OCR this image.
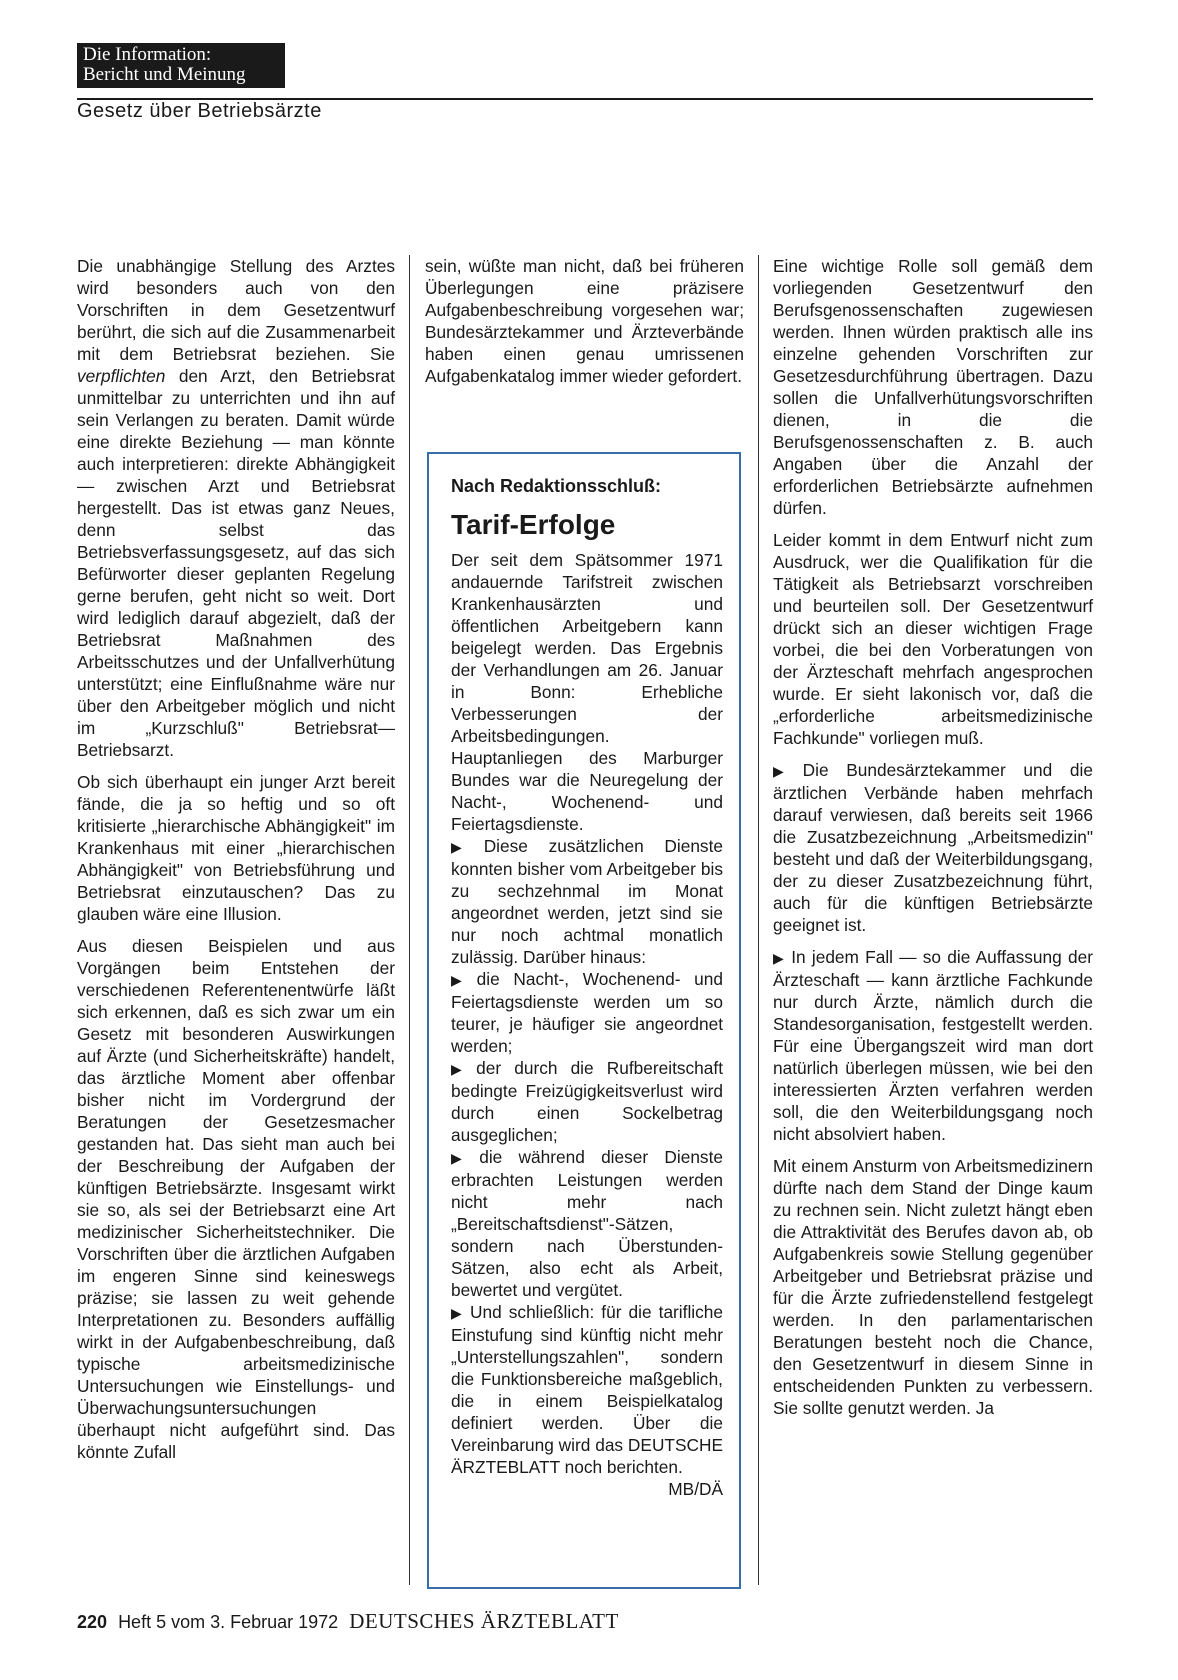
Die Information:
Bericht und Meinung
Gesetz über Betriebsärzte

Die unabhängige Stellung des Arztes wird besonders auch von den Vorschriften in dem Gesetzentwurf berührt, die sich auf die Zusammenarbeit mit dem Betriebsrat beziehen. Sie verpflichten den Arzt, den Betriebsrat unmittelbar zu unterrichten und ihn auf sein Verlangen zu beraten. Damit würde eine direkte Beziehung — man könnte auch interpretieren: direkte Abhängigkeit — zwischen Arzt und Betriebsrat hergestellt. Das ist etwas ganz Neues, denn selbst das Betriebsverfassungsgesetz, auf das sich Befürworter dieser geplanten Regelung gerne berufen, geht nicht so weit. Dort wird lediglich darauf abgezielt, daß der Betriebsrat Maßnahmen des Arbeitsschutzes und der Unfallverhütung unterstützt; eine Einflußnahme wäre nur über den Arbeitgeber möglich und nicht im „Kurzschluß" Betriebsrat—Betriebsarzt.

Ob sich überhaupt ein junger Arzt bereit fände, die ja so heftig und so oft kritisierte „hierarchische Abhängigkeit" im Krankenhaus mit einer „hierarchischen Abhängigkeit" von Betriebsführung und Betriebsrat einzutauschen? Das zu glauben wäre eine Illusion.

Aus diesen Beispielen und aus Vorgängen beim Entstehen der verschiedenen Referentenentwürfe läßt sich erkennen, daß es sich zwar um ein Gesetz mit besonderen Auswirkungen auf Ärzte (und Sicherheitskräfte) handelt, das ärztliche Moment aber offenbar bisher nicht im Vordergrund der Beratungen der Gesetzesmacher gestanden hat. Das sieht man auch bei der Beschreibung der Aufgaben der künftigen Betriebsärzte. Insgesamt wirkt sie so, als sei der Betriebsarzt eine Art medizinischer Sicherheitstechniker. Die Vorschriften über die ärztlichen Aufgaben im engeren Sinne sind keineswegs präzise; sie lassen zu weit gehende Interpretationen zu. Besonders auffällig wirkt in der Aufgabenbeschreibung, daß typische arbeitsmedizinische Untersuchungen wie Einstellungs- und Überwachungsuntersuchungen überhaupt nicht aufgeführt sind. Das könnte Zufall

sein, wüßte man nicht, daß bei früheren Überlegungen eine präzisere Aufgabenbeschreibung vorgesehen war; Bundesärztekammer und Ärzteverbände haben einen genau umrissenen Aufgabenkatalog immer wieder gefordert.

Nach Redaktionsschluß:
Tarif-Erfolge

Der seit dem Spätsommer 1971 andauernde Tarifstreit zwischen Krankenhausärzten und öffentlichen Arbeitgebern kann beigelegt werden. Das Ergebnis der Verhandlungen am 26. Januar in Bonn: Erhebliche Verbesserungen der Arbeitsbedingungen. Hauptanliegen des Marburger Bundes war die Neuregelung der Nacht-, Wochenend- und Feiertagsdienste.

▶ Diese zusätzlichen Dienste konnten bisher vom Arbeitgeber bis zu sechzehnmal im Monat angeordnet werden, jetzt sind sie nur noch achtmal monatlich zulässig. Darüber hinaus:

▶ die Nacht-, Wochenend- und Feiertagsdienste werden um so teurer, je häufiger sie angeordnet werden;

▶ der durch die Rufbereitschaft bedingte Freizügigkeitsverlust wird durch einen Sockelbetrag ausgeglichen;

▶ die während dieser Dienste erbrachten Leistungen werden nicht mehr nach „Bereitschaftsdienst"-Sätzen, sondern nach Überstunden-Sätzen, also echt als Arbeit, bewertet und vergütet.

▶ Und schließlich: für die tarifliche Einstufung sind künftig nicht mehr „Unterstellungszahlen", sondern die Funktionsbereiche maßgeblich, die in einem Beispielkatalog definiert werden. Über die Vereinbarung wird das DEUTSCHE ÄRZTEBLATT noch berichten.
MB/DÄ

Eine wichtige Rolle soll gemäß dem vorliegenden Gesetzentwurf den Berufsgenossenschaften zugewiesen werden. Ihnen würden praktisch alle ins einzelne gehenden Vorschriften zur Gesetzesdurchführung übertragen. Dazu sollen die Unfallverhütungsvorschriften dienen, in die die Berufsgenossenschaften z. B. auch Angaben über die Anzahl der erforderlichen Betriebsärzte aufnehmen dürfen.

Leider kommt in dem Entwurf nicht zum Ausdruck, wer die Qualifikation für die Tätigkeit als Betriebsarzt vorschreiben und beurteilen soll. Der Gesetzentwurf drückt sich an dieser wichtigen Frage vorbei, die bei den Vorberatungen von der Ärzteschaft mehrfach angesprochen wurde. Er sieht lakonisch vor, daß die „erforderliche arbeitsmedizinische Fachkunde" vorliegen muß.

▶ Die Bundesärztekammer und die ärztlichen Verbände haben mehrfach darauf verwiesen, daß bereits seit 1966 die Zusatzbezeichnung „Arbeitsmedizin" besteht und daß der Weiterbildungsgang, der zu dieser Zusatzbezeichnung führt, auch für die künftigen Betriebsärzte geeignet ist.

▶ In jedem Fall — so die Auffassung der Ärzteschaft — kann ärztliche Fachkunde nur durch Ärzte, nämlich durch die Standesorganisation, festgestellt werden. Für eine Übergangszeit wird man dort natürlich überlegen müssen, wie bei den interessierten Ärzten verfahren werden soll, die den Weiterbildungsgang noch nicht absolviert haben.

Mit einem Ansturm von Arbeitsmedizinern dürfte nach dem Stand der Dinge kaum zu rechnen sein. Nicht zuletzt hängt eben die Attraktivität des Berufes davon ab, ob Aufgabenkreis sowie Stellung gegenüber Arbeitgeber und Betriebsrat präzise und für die Ärzte zufriedenstellend festgelegt werden. In den parlamentarischen Beratungen besteht noch die Chance, den Gesetzentwurf in diesem Sinne in entscheidenden Punkten zu verbessern. Sie sollte genutzt werden. Ja

220 Heft 5 vom 3. Februar 1972 DEUTSCHES ÄRZTEBLATT
